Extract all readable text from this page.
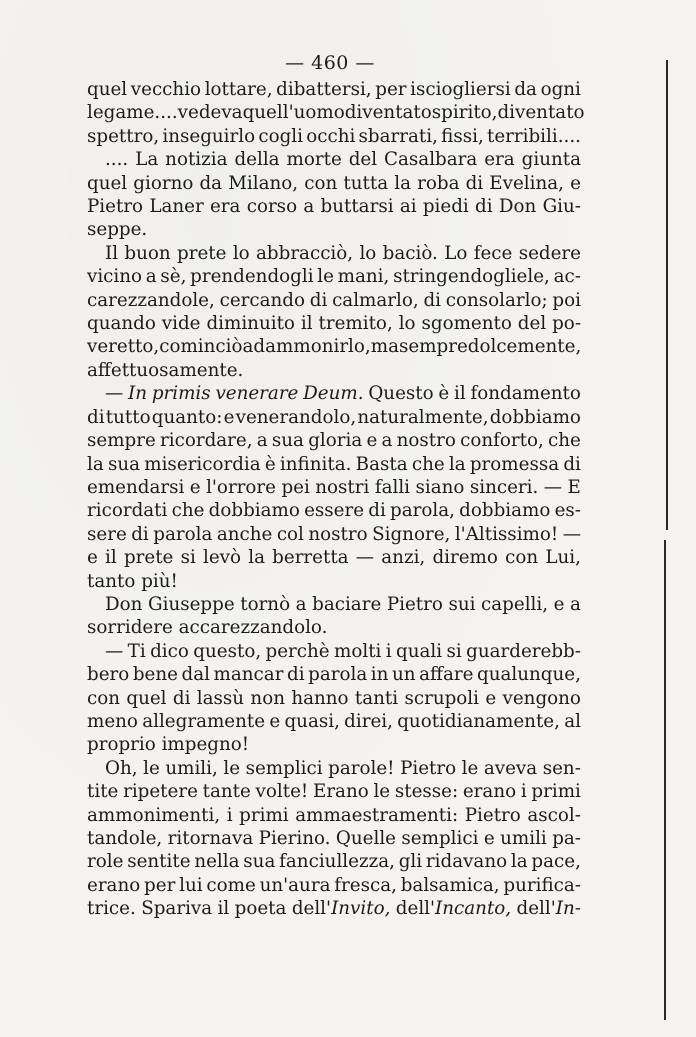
— 460 —
quel vecchio lottare, dibattersi, per isciogliersi da ogni
legame.... vedeva quell'uomo diventato spirito, diventato
spettro, inseguirlo cogli occhi sbarrati, fissi, terribili....
.... La notizia della morte del Casalbara era giunta
quel giorno da Milano, con tutta la roba di Evelina, e
Pietro Laner era corso a buttarsi ai piedi di Don Giu-
seppe.
Il buon prete lo abbracciò, lo baciò. Lo fece sedere
vicino a sè, prendendogli le mani, stringendogliele, ac-
carezzandole, cercando di calmarlo, di consolarlo; poi
quando vide diminuito il tremito, lo sgomento del po-
veretto, cominciò ad ammonirlo, ma sempre dolcemente,
affettuosamente.
— In primis venerare Deum. Questo è il fondamento
di tutto quanto: e venerandolo, naturalmente, dobbiamo
sempre ricordare, a sua gloria e a nostro conforto, che
la sua misericordia è infinita. Basta che la promessa di
emendarsi e l'orrore pei nostri falli siano sinceri. — E
ricordati che dobbiamo essere di parola, dobbiamo es-
sere di parola anche col nostro Signore, l'Altissimo! —
e il prete si levò la berretta — anzi, diremo con Lui,
tanto
più!
Don Giuseppe tornò a baciare Pietro sui capelli, e a
sorridere
accarezzandolo.
— Ti dico questo, perchè molti i quali si guarderebb-
bero bene dal mancar di parola in un affare qualunque,
con quel di lassù non hanno tanti scrupoli e vengono
meno allegramente e quasi, direi, quotidianamente, al
proprio
impegno!
Oh, le umili, le semplici parole! Pietro le aveva sen-
tite ripetere tante volte! Erano le stesse: erano i primi
ammonimenti, i primi ammaestramenti: Pietro ascol-
tandole, ritornava Pierino. Quelle semplici e umili pa-
role sentite nella sua fanciullezza, gli ridavano la pace,
erano per lui come un'aura fresca, balsamica, purifica-
trice. Spariva il poeta dell'Invito, dell'Incanto, dell'In-
